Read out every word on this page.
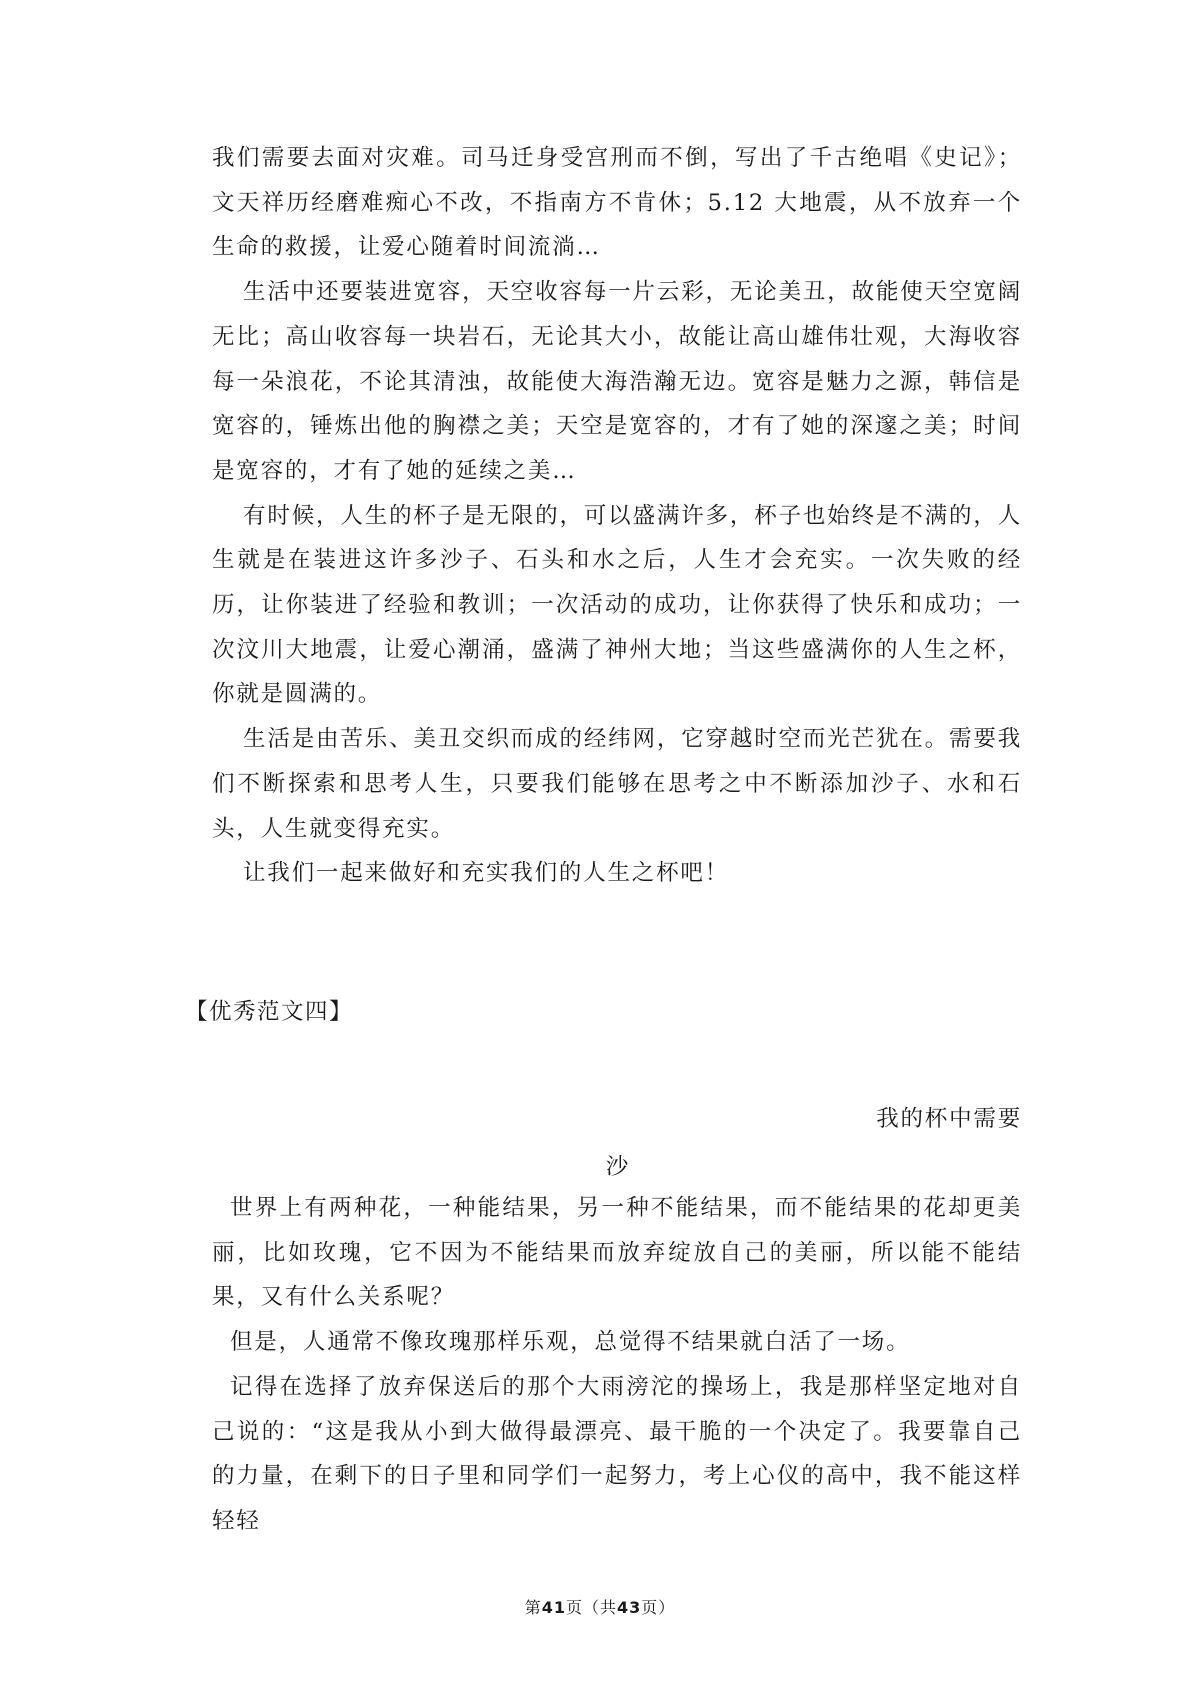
我们需要去面对灾难。司马迁身受宫刑而不倒，写出了千古绝唱《史记》；文天祥历经磨难痴心不改，不指南方不肯休；5.12 大地震，从不放弃一个生命的救援，让爱心随着时间流淌…

生活中还要装进宽容，天空收容每一片云彩，无论美丑，故能使天空宽阔无比；高山收容每一块岩石，无论其大小，故能让高山雄伟壮观，大海收容每一朵浪花，不论其清浊，故能使大海浩瀚无边。宽容是魅力之源，韩信是宽容的，锤炼出他的胸襟之美；天空是宽容的，才有了她的深邃之美；时间是宽容的，才有了她的延续之美…

有时候，人生的杯子是无限的，可以盛满许多，杯子也始终是不满的，人生就是在装进这许多沙子、石头和水之后，人生才会充实。一次失败的经历，让你装进了经验和教训；一次活动的成功，让你获得了快乐和成功；一次汶川大地震，让爱心潮涌，盛满了神州大地；当这些盛满你的人生之杯，你就是圆满的。

生活是由苦乐、美丑交织而成的经纬网，它穿越时空而光芒犹在。需要我们不断探索和思考人生，只要我们能够在思考之中不断添加沙子、水和石头，人生就变得充实。

让我们一起来做好和充实我们的人生之杯吧！

【优秀范文四】

我的杯中需要

沙

世界上有两种花，一种能结果，另一种不能结果，而不能结果的花却更美丽，比如玫瑰，它不因为不能结果而放弃绽放自己的美丽，所以能不能结果，又有什么关系呢？

但是，人通常不像玫瑰那样乐观，总觉得不结果就白活了一场。

记得在选择了放弃保送后的那个大雨滂沱的操场上，我是那样坚定地对自己说的：“这是我从小到大做得最漂亮、最干脆的一个决定了。我要靠自己的力量，在剩下的日子里和同学们一起努力，考上心仪的高中，我不能这样轻轻

第41页（共43页）
